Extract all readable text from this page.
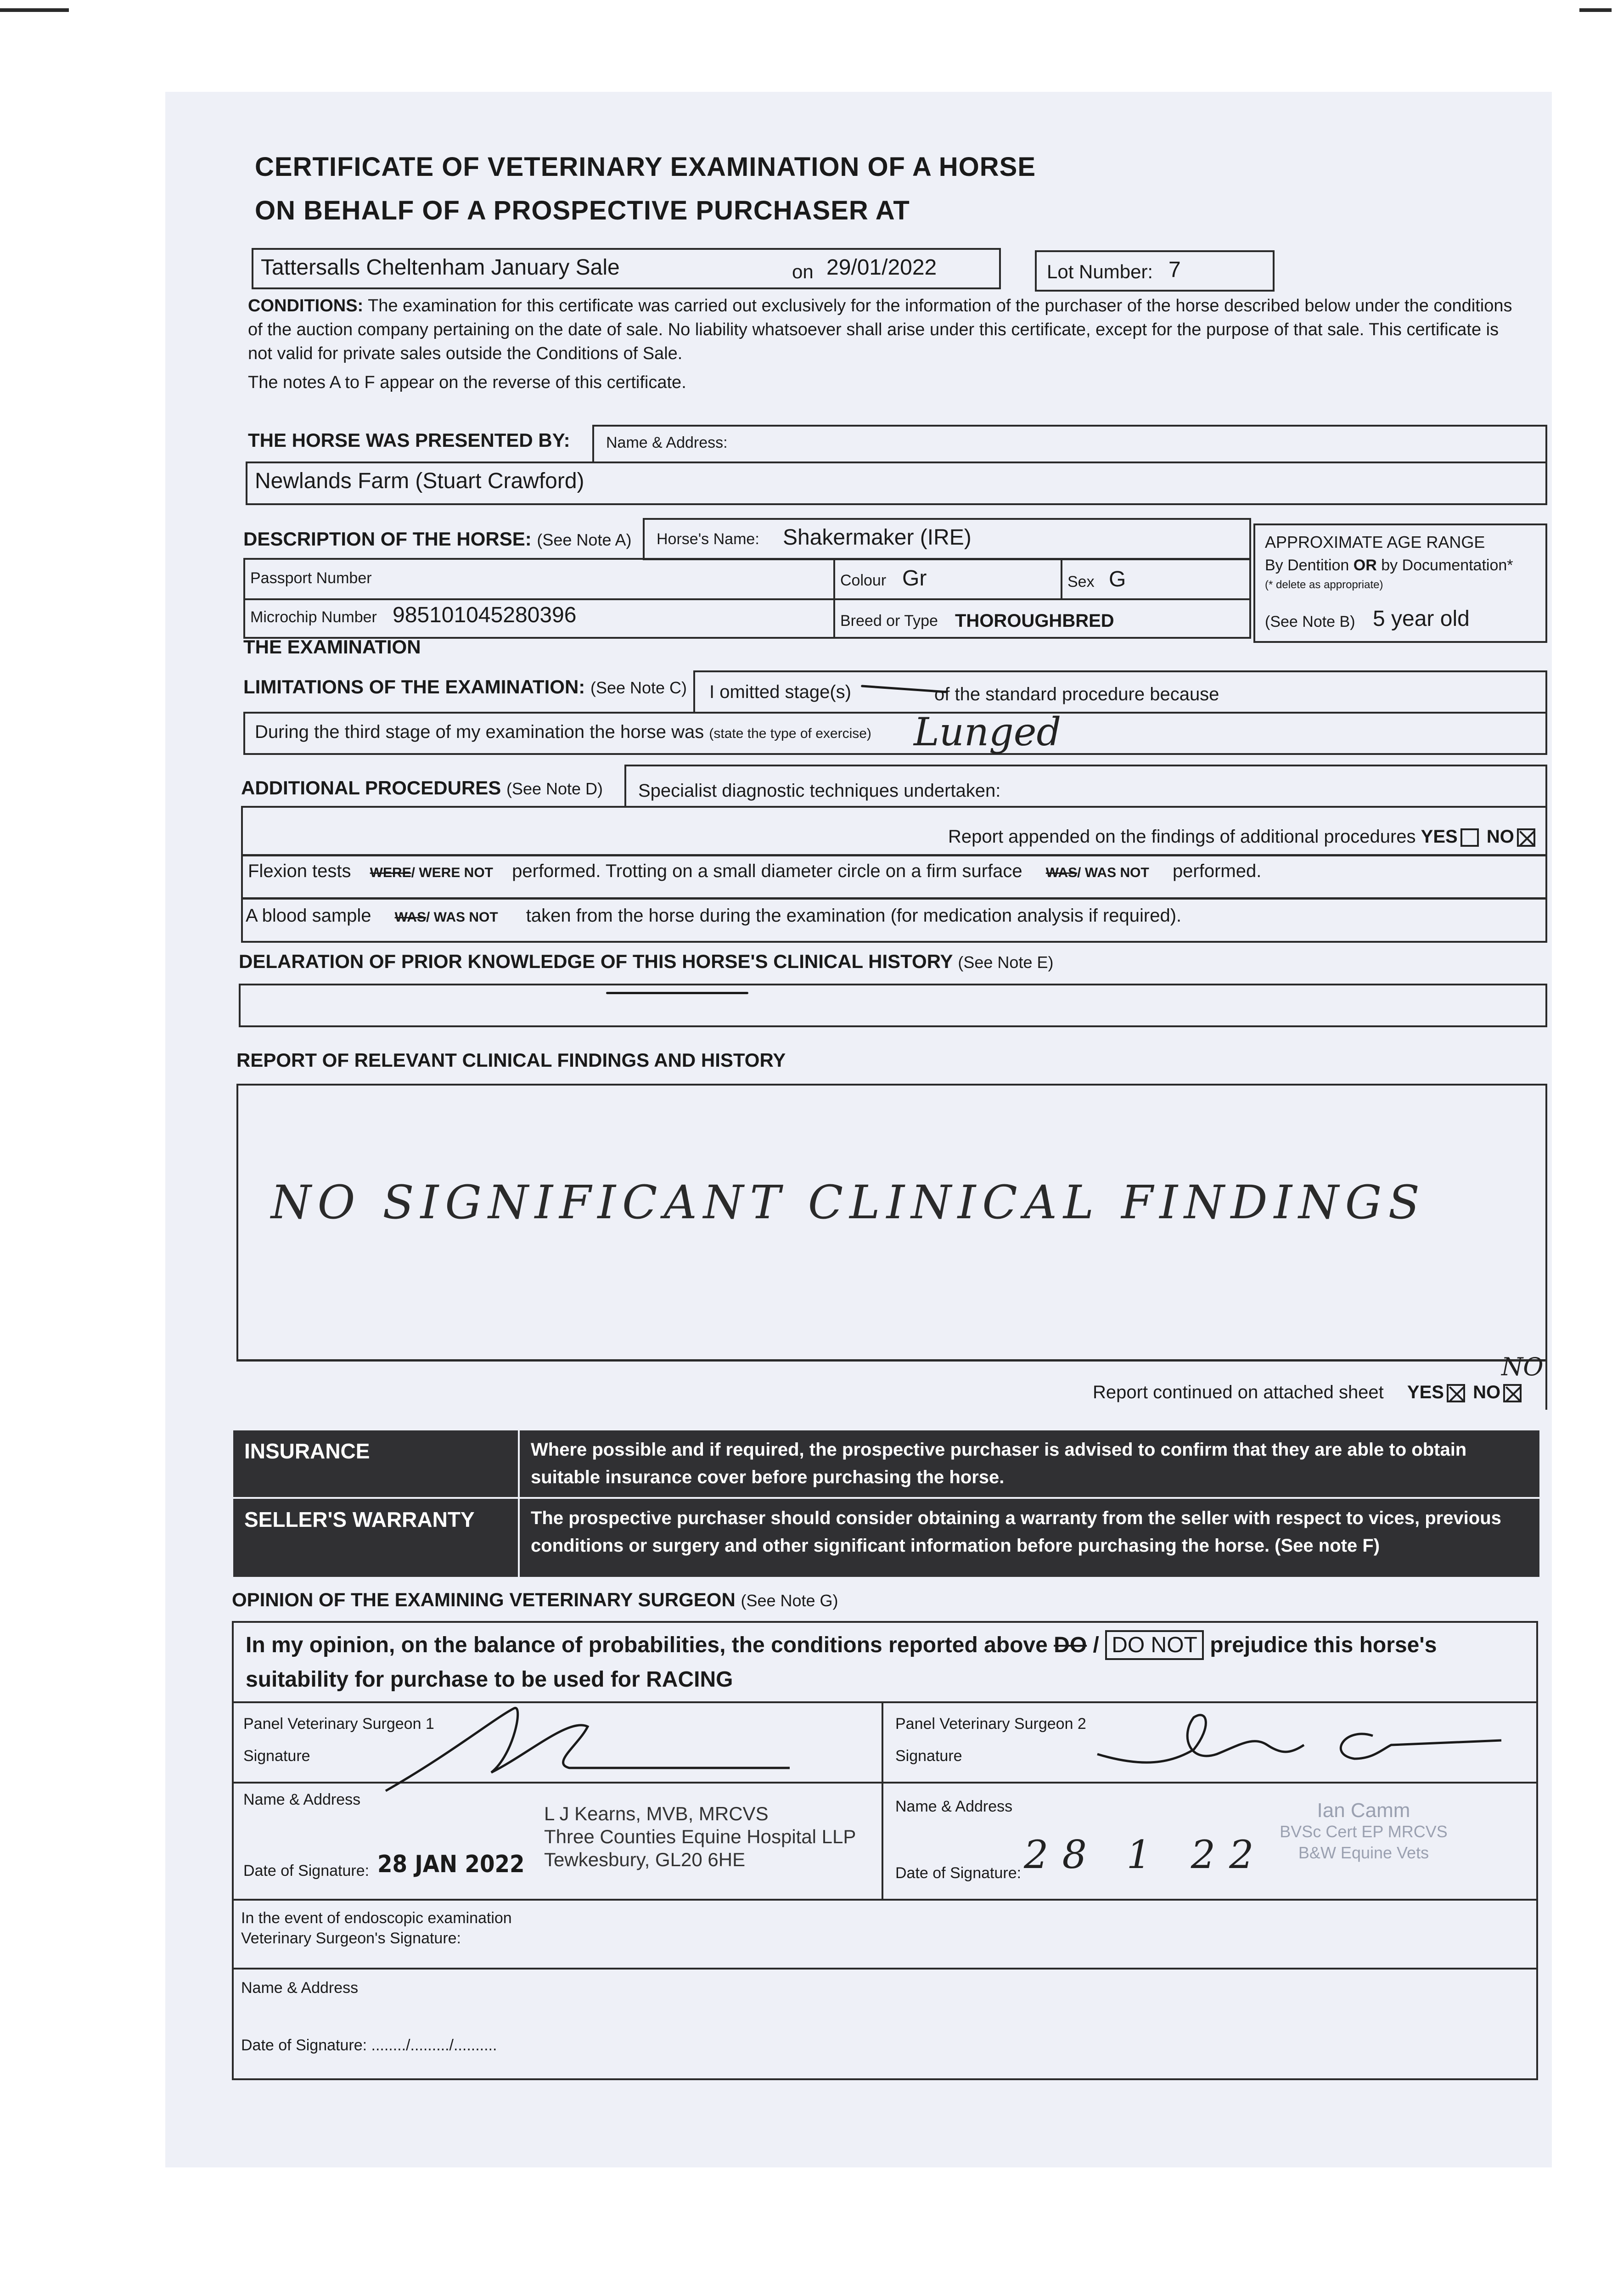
CERTIFICATE OF VETERINARY EXAMINATION OF A HORSE
ON BEHALF OF A PROSPECTIVE PURCHASER AT
Tattersalls Cheltenham January Sale	on 29/01/2022	Lot Number: 7
CONDITIONS: The examination for this certificate was carried out exclusively for the information of the purchaser of the horse described below under the conditions of the auction company pertaining on the date of sale. No liability whatsoever shall arise under this certificate, except for the purpose of that sale. This certificate is not valid for private sales outside the Conditions of Sale.
The notes A to F appear on the reverse of this certificate.
THE HORSE WAS PRESENTED BY: Name & Address:
Newlands Farm (Stuart Crawford)
DESCRIPTION OF THE HORSE: (See Note A) Horse's Name: Shakermaker (IRE)
Passport Number	Colour Gr	Sex G
Microchip Number 985101045280396	Breed or Type THOROUGHBRED
APPROXIMATE AGE RANGE
By Dentition OR by Documentation*
(* delete as appropriate)
(See Note B) 5 year old
THE EXAMINATION
LIMITATIONS OF THE EXAMINATION: (See Note C) I omitted stage(s)	of the standard procedure because
During the third stage of my examination the horse was (state the type of exercise) Lunged
ADDITIONAL PROCEDURES (See Note D) Specialist diagnostic techniques undertaken:
Report appended on the findings of additional procedures YES NO
Flexion tests WERE/ WERE NOT performed. Trotting on a small diameter circle on a firm surface WAS/ WAS NOT performed.
A blood sample WAS/ WAS NOT taken from the horse during the examination (for medication analysis if required).
DELARATION OF PRIOR KNOWLEDGE OF THIS HORSE'S CLINICAL HISTORY (See Note E)
REPORT OF RELEVANT CLINICAL FINDINGS AND HISTORY
NO SIGNIFICANT CLINICAL FINDINGS
Report continued on attached sheet YES NO
NO
INSURANCE	Where possible and if required, the prospective purchaser is advised to confirm that they are able to obtain suitable insurance cover before purchasing the horse.
SELLER'S WARRANTY	The prospective purchaser should consider obtaining a warranty from the seller with respect to vices, previous conditions or surgery and other significant information before purchasing the horse. (See note F)
OPINION OF THE EXAMINING VETERINARY SURGEON (See Note G)
In my opinion, on the balance of probabilities, the conditions reported above DO / DO NOT prejudice this horse's
suitability for purchase to be used for RACING
Panel Veterinary Surgeon 1
Signature
Name & Address
L J Kearns, MVB, MRCVS
Three Counties Equine Hospital LLP
Tewkesbury, GL20 6HE
Date of Signature: 28 JAN 2022
Panel Veterinary Surgeon 2
Signature
Name & Address
Date of Signature: 28 1 22
Ian Camm
BVSc Cert EP MRCVS
B&W Equine Vets
In the event of endoscopic examination
Veterinary Surgeon's Signature:
Name & Address
Date of Signature: ......../........./..........
